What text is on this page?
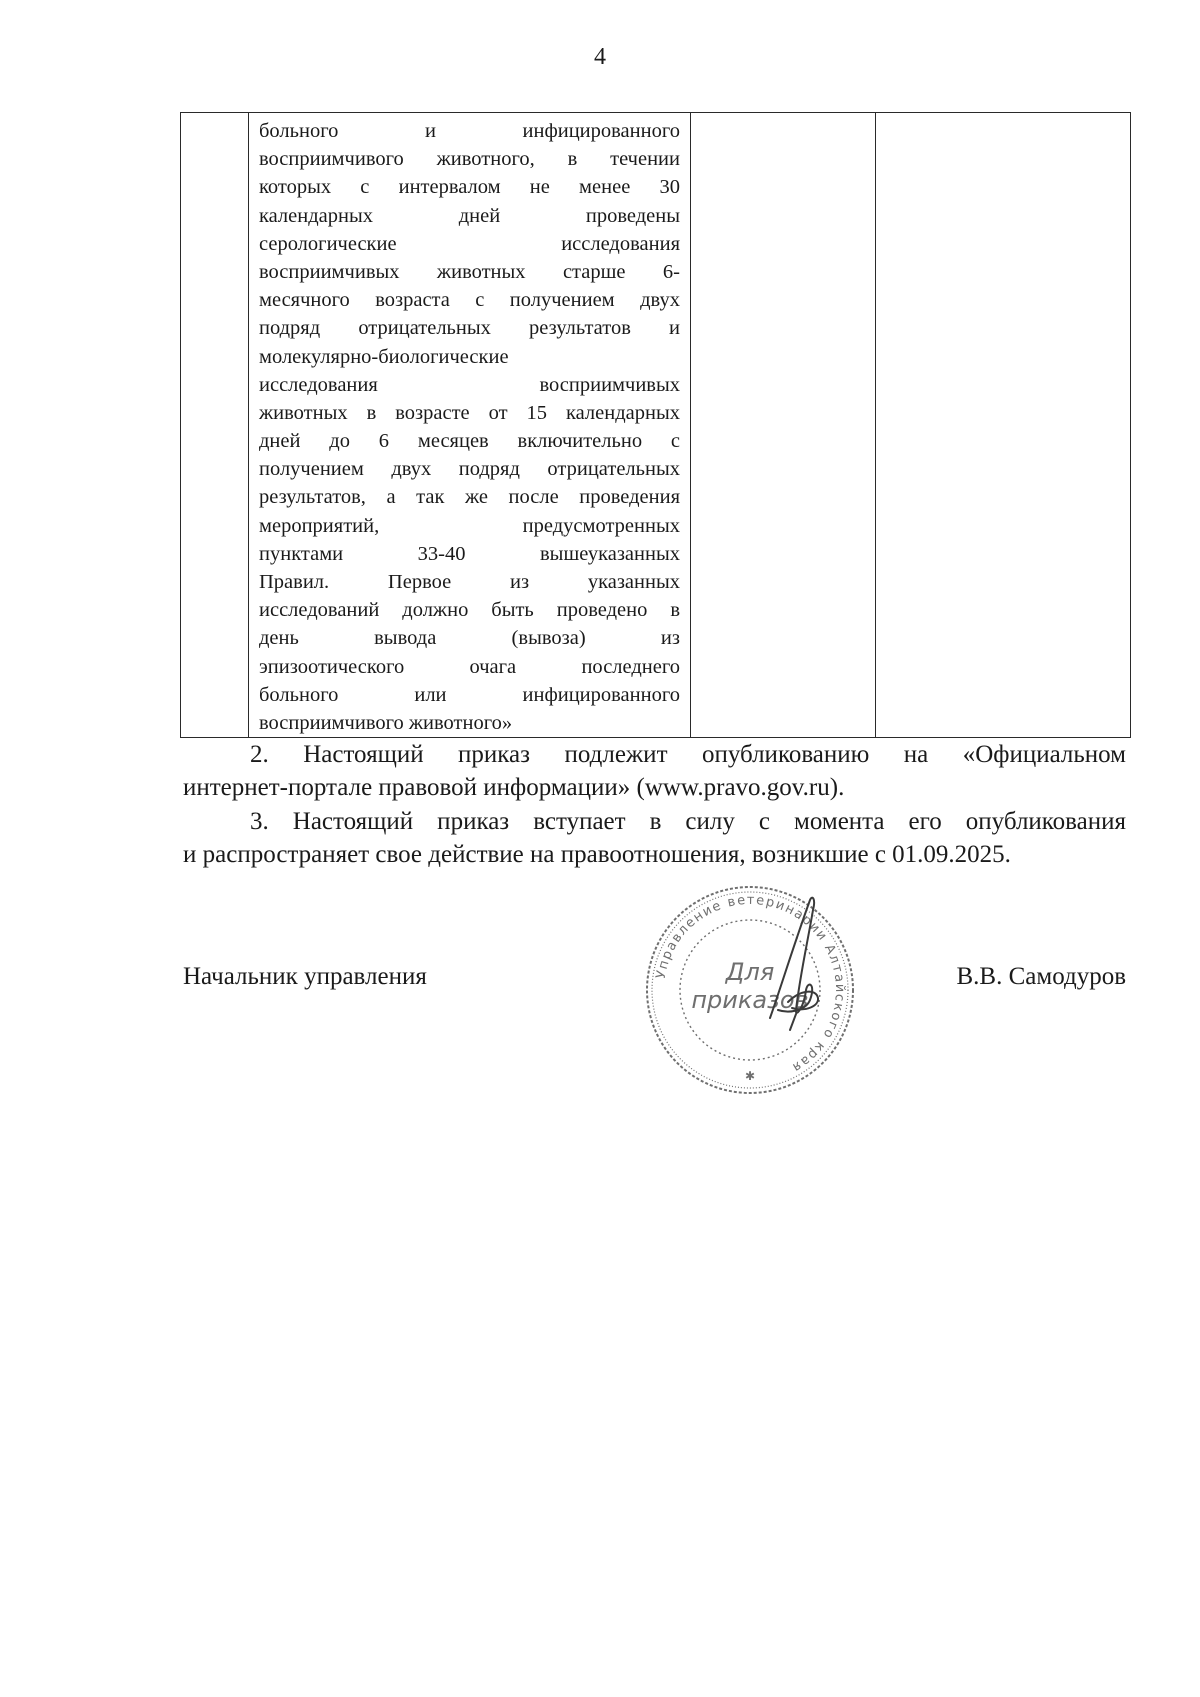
4

больного и инфицированного
восприимчивого животного, в течении
которых с интервалом не менее 30
календарных дней проведены
серологические исследования
восприимчивых животных старше 6-
месячного возраста с получением двух
подряд отрицательных результатов и
молекулярно-биологические
исследования восприимчивых
животных в возрасте от 15 календарных
дней до 6 месяцев включительно с
получением двух подряд отрицательных
результатов, а так же после проведения
мероприятий, предусмотренных
пунктами 33-40 вышеуказанных
Правил. Первое из указанных
исследований должно быть проведено в
день вывода (вывоза) из
эпизоотического очага последнего
больного или инфицированного
восприимчивого животного»

2. Настоящий приказ подлежит опубликованию на «Официальном
интернет-портале правовой информации» (www.pravo.gov.ru).
3. Настоящий приказ вступает в силу с момента его опубликования
и распространяет свое действие на правоотношения, возникшие с 01.09.2025.
Начальник управления	В.В. Самодуров
Управление ветеринарии Алтайского края
Для
приказов
✱
